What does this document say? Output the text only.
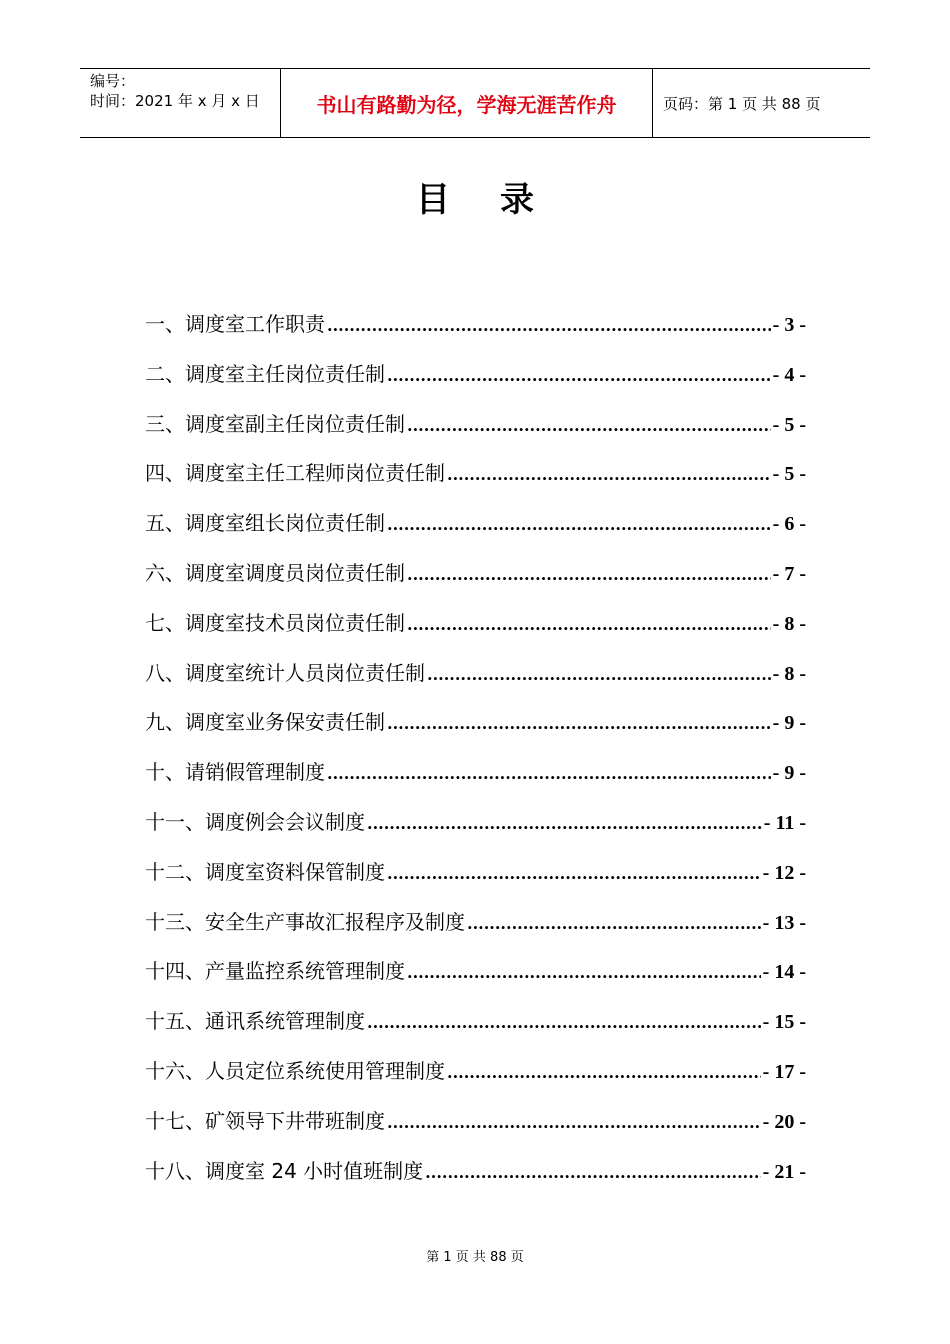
编号：
时间：2021 年 x 月 x 日	书山有路勤为径，学海无涯苦作舟	页码：第 1 页 共 88 页
目录
一、调度室工作职责 .....	- 3 -
二、调度室主任岗位责任制 .....	- 4 -
三、调度室副主任岗位责任制 .....	- 5 -
四、调度室主任工程师岗位责任制 .....	- 5 -
五、调度室组长岗位责任制 .....	- 6 -
六、调度室调度员岗位责任制 .....	- 7 -
七、调度室技术员岗位责任制 .....	- 8 -
八、调度室统计人员岗位责任制 .....	- 8 -
九、调度室业务保安责任制 .....	- 9 -
十、请销假管理制度 .....	- 9 -
十一、调度例会会议制度 .....	- 11 -
十二、调度室资料保管制度 .....	- 12 -
十三、安全生产事故汇报程序及制度 .....	- 13 -
十四、产量监控系统管理制度 .....	- 14 -
十五、通讯系统管理制度 .....	- 15 -
十六、人员定位系统使用管理制度 .....	- 17 -
十七、矿领导下井带班制度 .....	- 20 -
十八、调度室 24 小时值班制度 .....	- 21 -
第 1 页 共 88 页
